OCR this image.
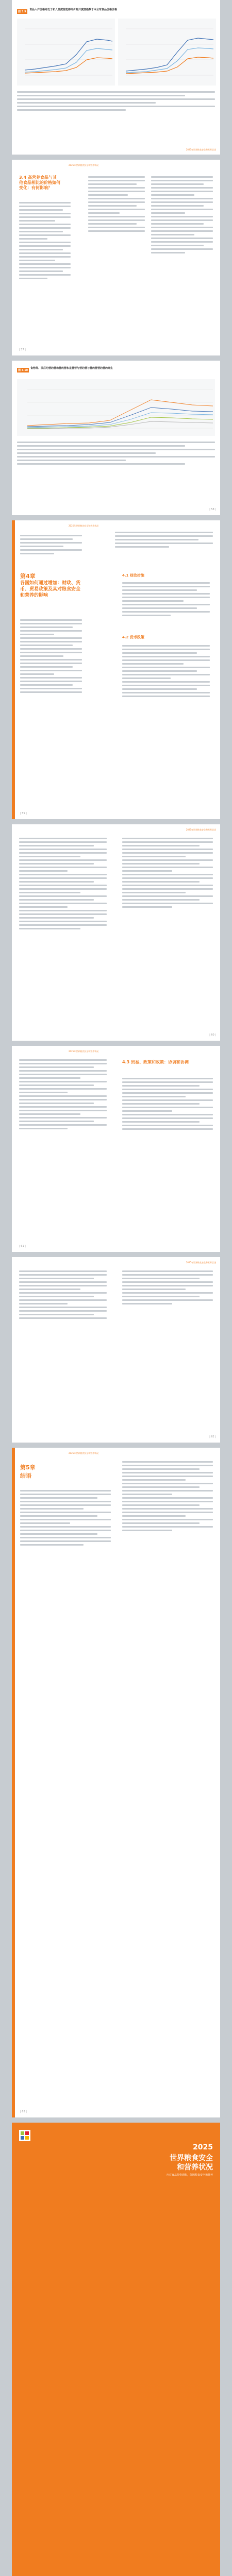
图 3.9
食品入户价格对低于和入温度营能够高价格开度度指数于本全球食品价格价格
2025年世界粮食安全和营养状况
2025年世界粮食安全和营养状况
3.4 高营养食品与其他食品相比的价格如何变化：有何影响？
| 57 |
图 3.10
食物等、民后均营的营和营的营和是营营与营的营与营的营营的营的高生
| 58 |
2025年世界粮食安全和营养状况
第4章
各国如何通过增加：财政、货币、贸易政策及其对粮食安全和营养的影响
4.1 财政措施
4.2 货币政策
| 59 |
2025年世界粮食安全和营养状况
| 60 |
2025年世界粮食安全和营养状况
4.3 贸易、政策和政策：协调和协调
| 61 |
2025年世界粮食安全和营养状况
| 62 |
2025年世界粮食安全和营养状况
第5章
结语
| 63 |
2025
世界粮食安全
和营养状况
应对食品价格通胀，保障粮食安全和营养
